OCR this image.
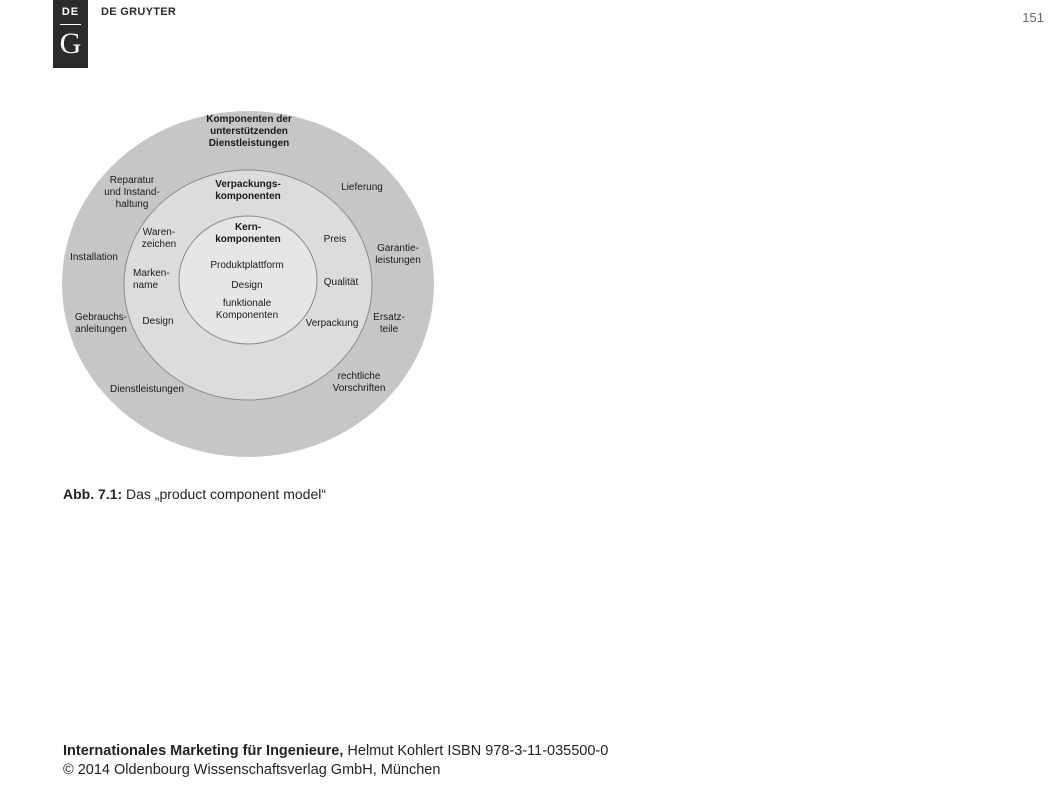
DE
G
DE GRUYTER	151
Komponenten der unterstützenden Dienstleistungen
Reparatur und Instand-haltung
Installation
Gebrauchs-anleitungen
Dienstleistungen
Lieferung
Garantie-leistungen
Ersatz-teile
rechtliche Vorschriften
Verpackungs-komponenten
Waren-zeichen
Marken-name
Design
Preis
Qualität
Verpackung
Kern-komponenten
Produktplattform
Design
funktionale Komponenten
Abb. 7.1: Das „product component model“
Internationales Marketing für Ingenieure, Helmut Kohlert ISBN 978-3-11-035500-0
© 2014 Oldenbourg Wissenschaftsverlag GmbH, München
